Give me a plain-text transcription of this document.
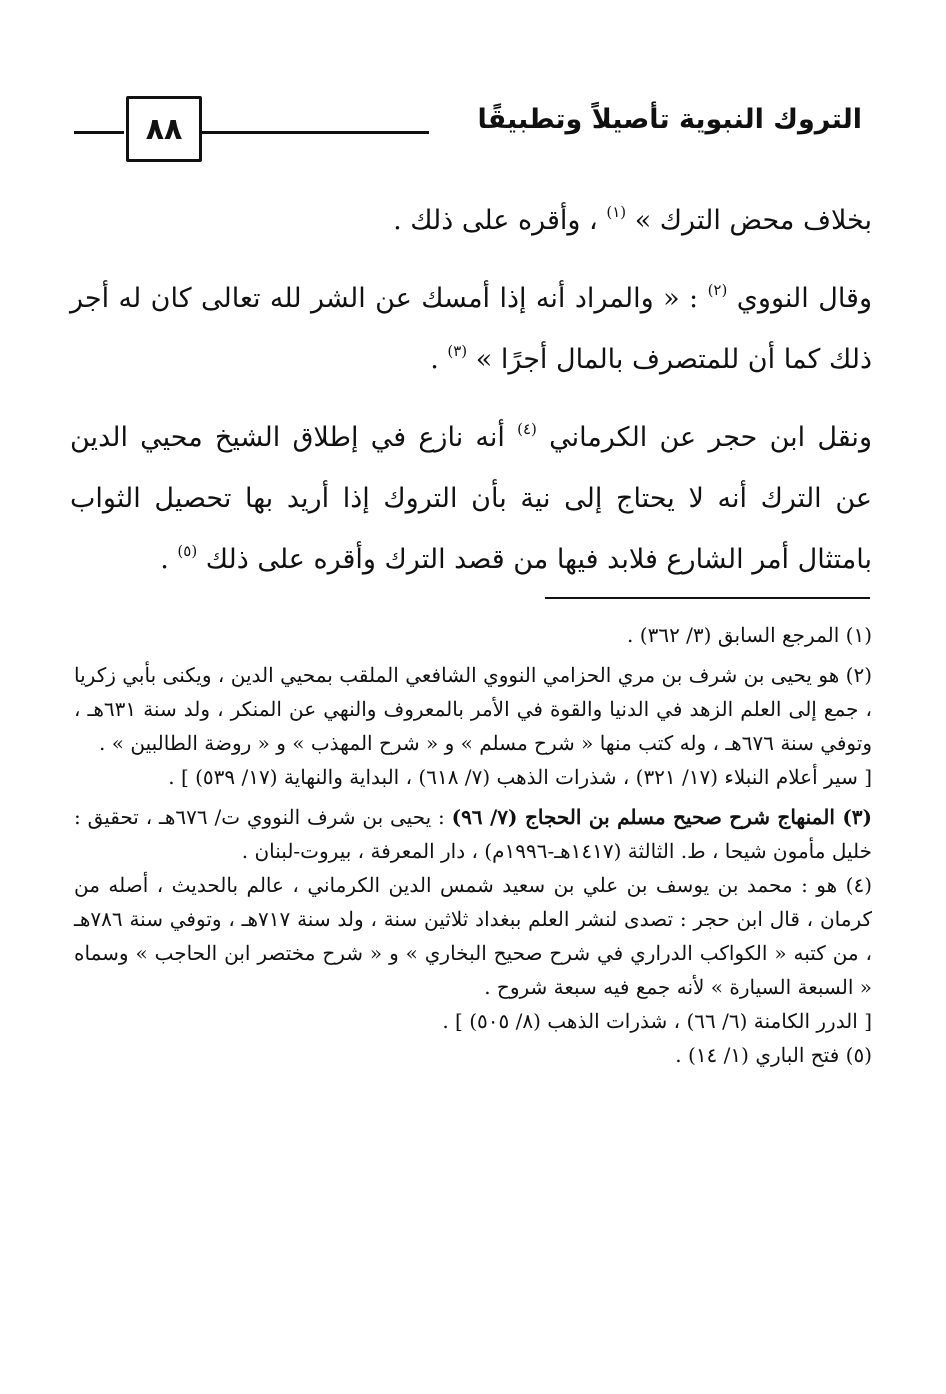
٨٨	التروك النبوية تأصيلاً وتطبيقًا

بخلاف محض الترك » $^{(١)}$ ، وأقره على ذلك .

وقال النووي $^{(٢)}$ : « والمراد أنه إذا أمسك عن الشر لله تعالى كان له أجر ذلك كما أن للمتصرف بالمال أجرًا » $^{(٣)}$ .

ونقل ابن حجر عن الكرماني $^{(٤)}$ أنه نازع في إطلاق الشيخ محيي الدين عن الترك أنه لا يحتاج إلى نية بأن التروك إذا أريد بها تحصيل الثواب بامتثال أمر الشارع فلابد فيها من قصد الترك وأقره على ذلك $^{(٥)}$ .

(١) المرجع السابق (٣/ ٣٦٢) .

(٢) هو يحيى بن شرف بن مري الحزامي النووي الشافعي الملقب بمحيي الدين ، ويكنى بأبي زكريا ، جمع إلى العلم الزهد في الدنيا والقوة في الأمر بالمعروف والنهي عن المنكر ، ولد سنة ٦٣١هـ ، وتوفي سنة ٦٧٦هـ ، وله كتب منها « شرح مسلم » و « شرح المهذب » و « روضة الطالبين » .

[ سير أعلام النبلاء (١٧/ ٣٢١) ، شذرات الذهب (٧/ ٦١٨) ، البداية والنهاية (١٧/ ٥٣٩) ] .

(٣) المنهاج شرح صحيح مسلم بن الحجاج (٧/ ٩٦) : يحيى بن شرف النووي ت/ ٦٧٦هـ ، تحقيق : خليل مأمون شيحا ، ط. الثالثة (١٤١٧هـ-١٩٩٦م) ، دار المعرفة ، بيروت-لبنان .

(٤) هو : محمد بن يوسف بن علي بن سعيد شمس الدين الكرماني ، عالم بالحديث ، أصله من كرمان ، قال ابن حجر : تصدى لنشر العلم ببغداد ثلاثين سنة ، ولد سنة ٧١٧هـ ، وتوفي سنة ٧٨٦هـ ، من كتبه « الكواكب الدراري في شرح صحيح البخاري » و « شرح مختصر ابن الحاجب » وسماه « السبعة السيارة » لأنه جمع فيه سبعة شروح .

[ الدرر الكامنة (٦/ ٦٦) ، شذرات الذهب (٨/ ٥٠٥) ] .

(٥) فتح الباري (١/ ١٤) .
